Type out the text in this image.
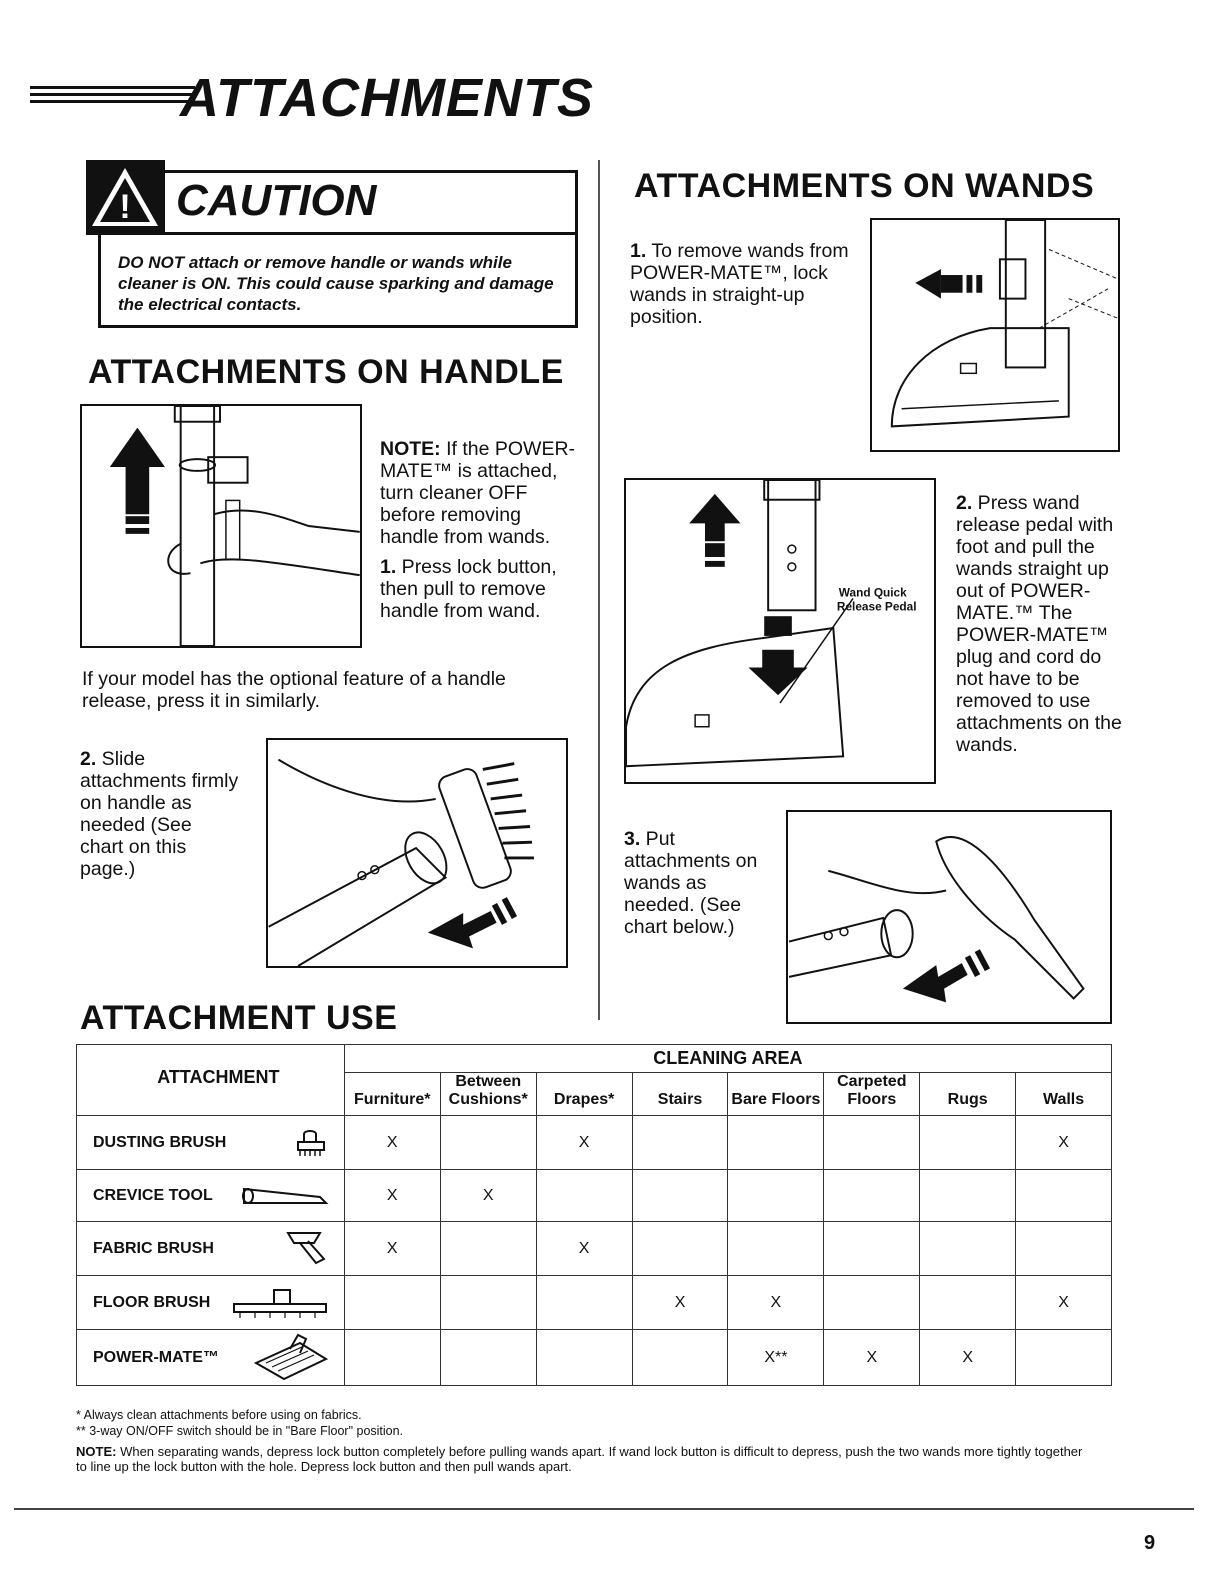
ATTACHMENTS
! CAUTION
DO NOT attach or remove handle or wands while cleaner is ON. This could cause sparking and damage the electrical contacts.
ATTACHMENTS ON HANDLE
NOTE: If the POWER-MATE™ is attached, turn cleaner OFF before removing handle from wands.
1. Press lock button, then pull to remove handle from wand.
If your model has the optional feature of a handle release, press it in similarly.
2. Slide attachments firmly on handle as needed (See chart on this page.)
ATTACHMENTS ON WANDS
1. To remove wands from POWER-MATE™, lock wands in straight-up position.
Wand Quick
Release Pedal
2. Press wand release pedal with foot and pull the wands straight up out of POWER-MATE.™ The POWER-MATE™ plug and cord do not have to be removed to use attachments on the wands.
3. Put attachments on wands as needed. (See chart below.)
ATTACHMENT USE
ATTACHMENT	CLEANING AREA							
	Furniture*	Between Cushions*	Drapes*	Stairs	Bare Floors	Carpeted Floors	Rugs	Walls

DUSTING BRUSH	X		X					X

CREVICE TOOL	X	X						

FABRIC BRUSH	X		X					

FLOOR BRUSH				X	X			X

POWER-MATE™					X**	X	X	
* Always clean attachments before using on fabrics.
** 3-way ON/OFF switch should be in "Bare Floor" position.
NOTE: When separating wands, depress lock button completely before pulling wands apart. If wand lock button is difficult to depress, push the two wands more tightly together to line up the lock button with the hole. Depress lock button and then pull wands apart.
9
